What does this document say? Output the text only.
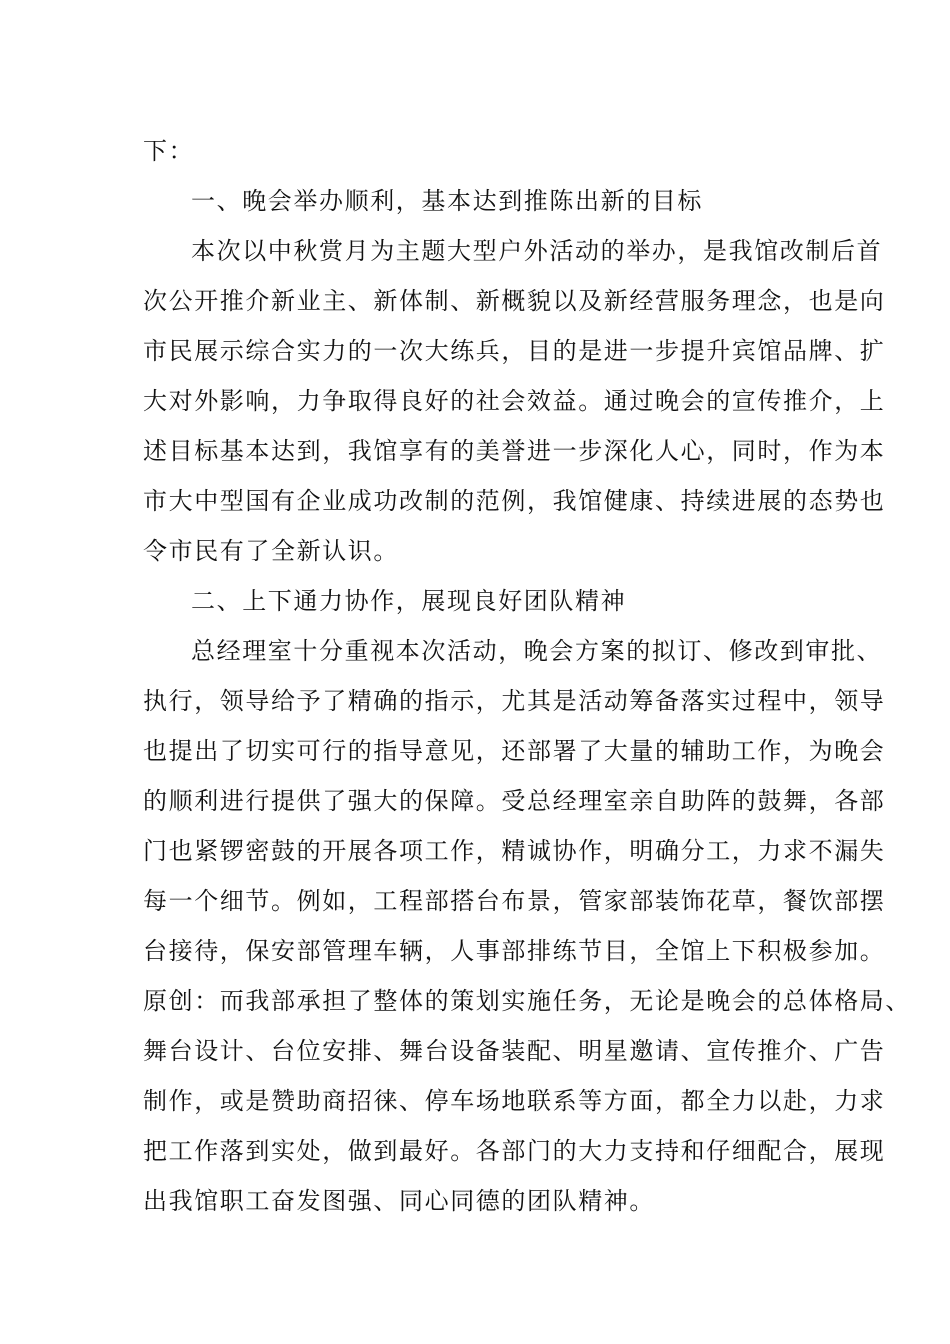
下：
一、晚会举办顺利，基本达到推陈出新的目标
本次以中秋赏月为主题大型户外活动的举办，是我馆改制后首
次公开推介新业主、新体制、新概貌以及新经营服务理念，也是向
市民展示综合实力的一次大练兵，目的是进一步提升宾馆品牌、扩
大对外影响，力争取得良好的社会效益。通过晚会的宣传推介，上
述目标基本达到，我馆享有的美誉进一步深化人心，同时，作为本
市大中型国有企业成功改制的范例，我馆健康、持续进展的态势也
令市民有了全新认识。
二、上下通力协作，展现良好团队精神
总经理室十分重视本次活动，晚会方案的拟订、修改到审批、
执行，领导给予了精确的指示，尤其是活动筹备落实过程中，领导
也提出了切实可行的指导意见，还部署了大量的辅助工作，为晚会
的顺利进行提供了强大的保障。受总经理室亲自助阵的鼓舞，各部
门也紧锣密鼓的开展各项工作，精诚协作，明确分工，力求不漏失
每一个细节。例如，工程部搭台布景，管家部装饰花草，餐饮部摆
台接待，保安部管理车辆，人事部排练节目，全馆上下积极参加。
原创：而我部承担了整体的策划实施任务，无论是晚会的总体格局、
舞台设计、台位安排、舞台设备装配、明星邀请、宣传推介、广告
制作，或是赞助商招徕、停车场地联系等方面，都全力以赴，力求
把工作落到实处，做到最好。各部门的大力支持和仔细配合，展现
出我馆职工奋发图强、同心同德的团队精神。
